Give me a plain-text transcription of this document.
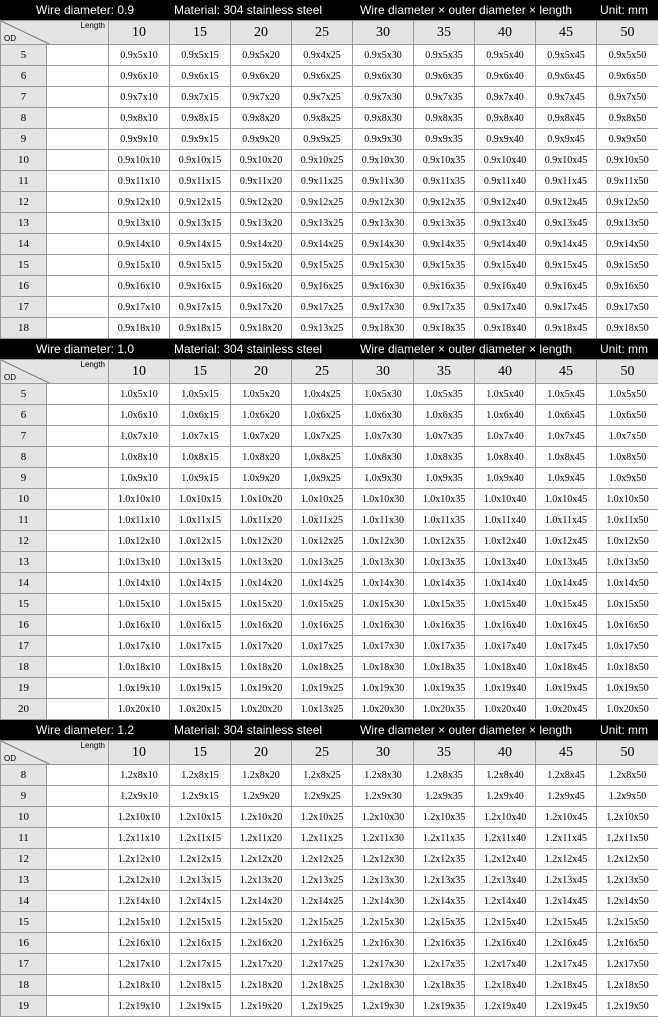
Wire diameter: 0.9	Material: 304 stainless steel	Wire diameter × outer diameter × length Unit: mm
Length
OD		10	15	20	25	30	35	40	45	50
5		0.9x5x10	0.9x5x15	0.9x5x20	0.9x4x25	0.9x5x30	0.9x5x35	0.9x5x40	0.9x5x45	0.9x5x50
6		0.9x6x10	0.9x6x15	0.9x6x20	0.9x6x25	0.9x6x30	0.9x6x35	0.9x6x40	0.9x6x45	0.9x6x50
7		0.9x7x10	0.9x7x15	0.9x7x20	0.9x7x25	0.9x7x30	0.9x7x35	0.9x7x40	0.9x7x45	0.9x7x50
8		0.9x8x10	0.9x8x15	0.9x8x20	0.9x8x25	0.9x8x30	0.9x8x35	0.9x8x40	0.9x8x45	0.9x8x50
9		0.9x9x10	0.9x9x15	0.9x9x20	0.9x9x25	0.9x9x30	0.9x9x35	0.9x9x40	0.9x9x45	0.9x9x50
10		0.9x10x10	0.9x10x15	0.9x10x20	0.9x10x25	0.9x10x30	0.9x10x35	0.9x10x40	0.9x10x45	0.9x10x50
11		0.9x11x10	0.9x11x15	0.9x11x20	0.9x11x25	0.9x11x30	0.9x11x35	0.9x11x40	0.9x11x45	0.9x11x50
12		0.9x12x10	0.9x12x15	0.9x12x20	0.9x12x25	0.9x12x30	0.9x12x35	0.9x12x40	0.9x12x45	0.9x12x50
13		0.9x13x10	0.9x13x15	0.9x13x20	0.9x13x25	0.9x13x30	0.9x13x35	0.9x13x40	0.9x13x45	0.9x13x50
14		0.9x14x10	0.9x14x15	0.9x14x20	0.9x14x25	0.9x14x30	0.9x14x35	0.9x14x40	0.9x14x45	0.9x14x50
15		0.9x15x10	0.9x15x15	0.9x15x20	0.9x15x25	0.9x15x30	0.9x15x35	0.9x15x40	0.9x15x45	0.9x15x50
16		0.9x16x10	0.9x16x15	0.9x16x20	0.9x16x25	0.9x16x30	0.9x16x35	0.9x16x40	0.9x16x45	0.9x16x50
17		0.9x17x10	0.9x17x15	0.9x17x20	0.9x17x25	0.9x17x30	0.9x17x35	0.9x17x40	0.9x17x45	0.9x17x50
18		0.9x18x10	0.9x18x15	0.9x18x20	0.9x13x25	0.9x18x30	0.9x18x35	0.9x18x40	0.9x18x45	0.9x18x50
Wire diameter: 1.0	Material: 304 stainless steel	Wire diameter × outer diameter × length Unit: mm
Length
OD		10	15	20	25	30	35	40	45	50
5		1.0x5x10	1.0x5x15	1.0x5x20	1.0x4x25	1.0x5x30	1.0x5x35	1.0x5x40	1.0x5x45	1.0x5x50
6		1.0x6x10	1.0x6x15	1.0x6x20	1.0x6x25	1.0x6x30	1.0x6x35	1.0x6x40	1.0x6x45	1.0x6x50
7		1.0x7x10	1.0x7x15	1.0x7x20	1.0x7x25	1.0x7x30	1.0x7x35	1.0x7x40	1.0x7x45	1.0x7x50
8		1.0x8x10	1.0x8x15	1.0x8x20	1.0x8x25	1.0x8x30	1.0x8x35	1.0x8x40	1.0x8x45	1.0x8x50
9		1.0x9x10	1.0x9x15	1.0x9x20	1.0x9x25	1.0x9x30	1.0x9x35	1.0x9x40	1.0x9x45	1.0x9x50
10		1.0x10x10	1.0x10x15	1.0x10x20	1.0x10x25	1.0x10x30	1.0x10x35	1.0x10x40	1.0x10x45	1.0x10x50
11		1.0x11x10	1.0x11x15	1.0x11x20	1.0x11x25	1.0x11x30	1.0x11x35	1.0x11x40	1.0x11x45	1.0x11x50
12		1.0x12x10	1.0x12x15	1.0x12x20	1.0x12x25	1.0x12x30	1.0x12x35	1.0x12x40	1.0x12x45	1.0x12x50
13		1.0x13x10	1.0x13x15	1.0x13x20	1.0x13x25	1.0x13x30	1.0x13x35	1.0x13x40	1.0x13x45	1.0x13x50
14		1.0x14x10	1.0x14x15	1.0x14x20	1.0x14x25	1.0x14x30	1.0x14x35	1.0x14x40	1.0x14x45	1.0x14x50
15		1.0x15x10	1.0x15x15	1.0x15x20	1.0x15x25	1.0x15x30	1.0x15x35	1.0x15x40	1.0x15x45	1.0x15x50
16		1.0x16x10	1.0x16x15	1.0x16x20	1.0x16x25	1.0x16x30	1.0x16x35	1.0x16x40	1.0x16x45	1.0x16x50
17		1.0x17x10	1.0x17x15	1.0x17x20	1.0x17x25	1.0x17x30	1.0x17x35	1.0x17x40	1.0x17x45	1.0x17x50
18		1.0x18x10	1.0x18x15	1.0x18x20	1.0x18x25	1.0x18x30	1.0x18x35	1.0x18x40	1.0x18x45	1.0x18x50
19		1.0x19x10	1.0x19x15	1.0x19x20	1.0x19x25	1.0x19x30	1.0x19x35	1.0x19x40	1.0x19x45	1.0x19x50
20		1.0x20x10	1.0x20x15	1.0x20x20	1.0x13x25	1.0x20x30	1.0x20x35	1.0x20x40	1.0x20x45	1.0x20x50
Wire diameter: 1.2	Material: 304 stainless steel	Wire diameter × outer diameter × length Unit: mm
Length
OD		10	15	20	25	30	35	40	45	50
8		1.2x8x10	1.2x8x15	1.2x8x20	1.2x8x25	1.2x8x30	1.2x8x35	1.2x8x40	1.2x8x45	1.2x8x50
9		1.2x9x10	1.2x9x15	1.2x9x20	1.2x9x25	1.2x9x30	1.2x9x35	1.2x9x40	1.2x9x45	1.2x9x50
10		1.2x10x10	1.2x10x15	1.2x10x20	1.2x10x25	1.2x10x30	1.2x10x35	1.2x10x40	1.2x10x45	1.2x10x50
11		1.2x11x10	1.2x11x15	1.2x11x20	1.2x11x25	1.2x11x30	1.2x11x35	1.2x11x40	1.2x11x45	1.2x11x50
12		1.2x12x10	1.2x12x15	1.2x12x20	1.2x12x25	1.2x12x30	1.2x12x35	1.2x12x40	1.2x12x45	1.2x12x50
13		1.2x12x10	1.2x13x15	1.2x13x20	1.2x13x25	1.2x13x30	1.2x13x35	1.2x13x40	1.2x13x45	1.2x13x50
14		1.2x14x10	1.2x14x15	1.2x14x20	1.2x14x25	1.2x14x30	1.2x14x35	1.2x14x40	1.2x14x45	1.2x14x50
15		1.2x15x10	1.2x15x15	1.2x15x20	1.2x15x25	1.2x15x30	1.2x15x35	1.2x15x40	1.2x15x45	1.2x15x50
16		1.2x16x10	1.2x16x15	1.2x16x20	1.2x16x25	1.2x16x30	1.2x16x35	1.2x16x40	1.2x16x45	1.2x16x50
17		1.2x17x10	1.2x17x15	1.2x17x20	1.2x17x25	1.2x17x30	1.2x17x35	1.2x17x40	1.2x17x45	1.2x17x50
18		1.2x18x10	1.2x18x15	1.2x18x20	1.2x18x25	1.2x18x30	1.2x18x35	1.2x18x40	1.2x18x45	1.2x18x50
19		1.2x19x10	1.2x19x15	1.2x19x20	1.2x19x25	1.2x19x30	1.2x19x35	1.2x19x40	1.2x19x45	1.2x19x50
